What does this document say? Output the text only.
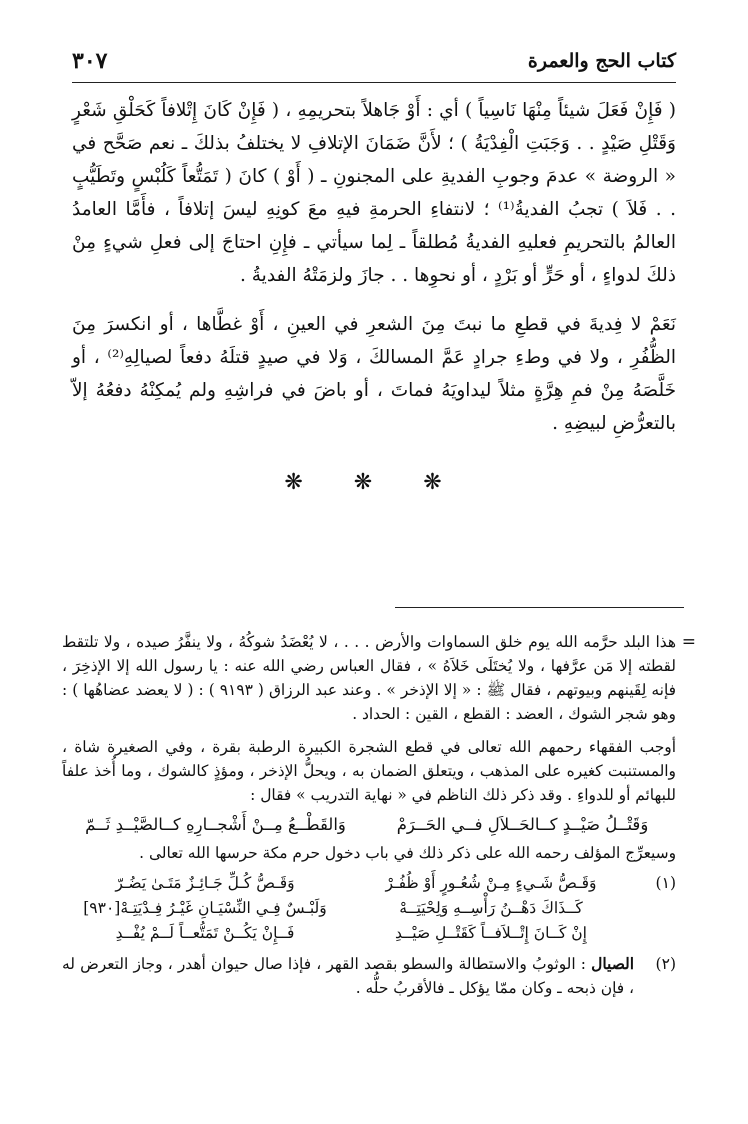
كتاب الحج والعمرة
٣٠٧

( فَإِنْ فَعَلَ شيئاً مِنْهَا نَاسِياً ) أي : أَوْ جَاهلاً بتحريمِهِ ، ( فَإِنْ كَانَ إِتْلافاً كَحَلْقِ شَعْرٍ وَقَتْلِ صَيْدٍ . . وَجَبَتِ الْفِدْيَةُ ) ؛ لأَنَّ ضَمَانَ الإتلافِ لا يختلفُ بذلكَ ـ نعم صَحَّح في « الروضة » عدمَ وجوبِ الفديةِ على المجنونِ ـ ( أَوْ ) كانَ ( تَمَتُّعاً كَلُبْسٍ وتَطَيُّبٍ . . فَلاَ ) تجبُ الفديةُ⁽¹⁾ ؛ لانتفاءِ الحرمةِ فيهِ معَ كونِهِ ليسَ إتلافاً ، فأَمَّا العامدُ العالمُ بالتحريمِ فعليهِ الفديةُ مُطلقاً ـ لِما سيأتي ـ فإِنِ احتاجَ إلى فعلِ شيءٍ مِنْ ذلكَ لدواءٍ ، أو حَرٍّ أو بَرْدٍ ، أو نحوِها . . جازَ ولزمَتْهُ الفديةُ .

نَعَمْ لا فِديةَ في قطعِ ما نبتَ مِنَ الشعرِ في العينِ ، أَوْ غطَّاها ، أو انكسرَ مِنَ الظُّفُرِ ، ولا في وطءِ جرادٍ عَمَّ المسالكَ ، وَلا في صيدٍ قتلَهُ دفعاً لصيالِهِ⁽²⁾ ، أو خَلَّصَهُ مِنْ فمِ هِرَّةٍ مثلاً ليداويَهُ فماتَ ، أو باضَ في فراشِهِ ولم يُمكِنْهُ دفعُهُ إلاّ بالتعرُّضِ لبيضِهِ .

❋ ❋ ❋
=

هذا البلد حرَّمه الله يوم خلق السماوات والأرض . . . ، لا يُعْضَدُ شوكُهُ ، ولا ينفَّرُ صيده ، ولا تلتقط لقطته إلا مَن عرَّفها ، ولا يُختَلَى خَلاَهُ » ، فقال العباس رضي الله عنه : يا رسول الله إلا الإذخِرَ ، فإنه لِقَينهم وبيوتهم ، فقال ﷺ : « إلا الإذخر » . وعند عبد الرزاق ( ٩١٩٣ ) : ( لا يعضد عضاهُها ) : وهو شجر الشوك ، العضد : القطع ، القين : الحداد .

أوجب الفقهاء رحمهم الله تعالى في قطع الشجرة الكبيرة الرطبة بقرة ، وفي الصغيرة شاة ، والمستنبت كغيره على المذهب ، ويتعلق الضمان به ، ويحلُّ الإذخر ، ومؤذٍ كالشوك ، وما أُخذ علفاً للبهائم أو للدواءِ . وقد ذكر ذلك الناظم في « نهاية التدريب » فقال :

وَقَتْــلُ صَيْــدٍ كــالحَــلاَلِ فــي الحَــرَمْ
وَالقَطْــعُ مِــنْ أَشْجــارِهِ كــالصَّيْــدِ ثَــمّ

وسيعرِّج المؤلف رحمه الله على ذكر ذلك في باب دخول حرم مكة حرسها الله تعالى .

(١)
وَقَـصُّ شَـيءٍ مِـنْ شُعُـورٍ أَوْ ظُفُـرْ
وَقَـصُّ كُـلِّ جَـائِـزٌ مَتَـىٰ يَضُـرّ
كَــذَاكَ دَهْــنُ رَأْسِــهِ وَلِحْيَتِــهْ
وَلَبْـسٌ فِـي النِّسْيَـانِ غَيْـرُ فِـدْيَتِـهْ[٩٣٠]
إِنْ كَــانَ إِتْــلاَفــاً كَقَتْــلِ صَيْــدِ
فَــإِنْ يَكُــنْ تَمَتُّعــاً لَــمْ يُفْــدِ
(٢)

الصيال : الوثوبُ والاستطالة والسطو بقصد القهر ، فإذا صال حيوان أهدر ، وجاز التعرض له ، فإن ذبحه ـ وكان ممّا يؤكل ـ فالأقربُ حلُّه .
